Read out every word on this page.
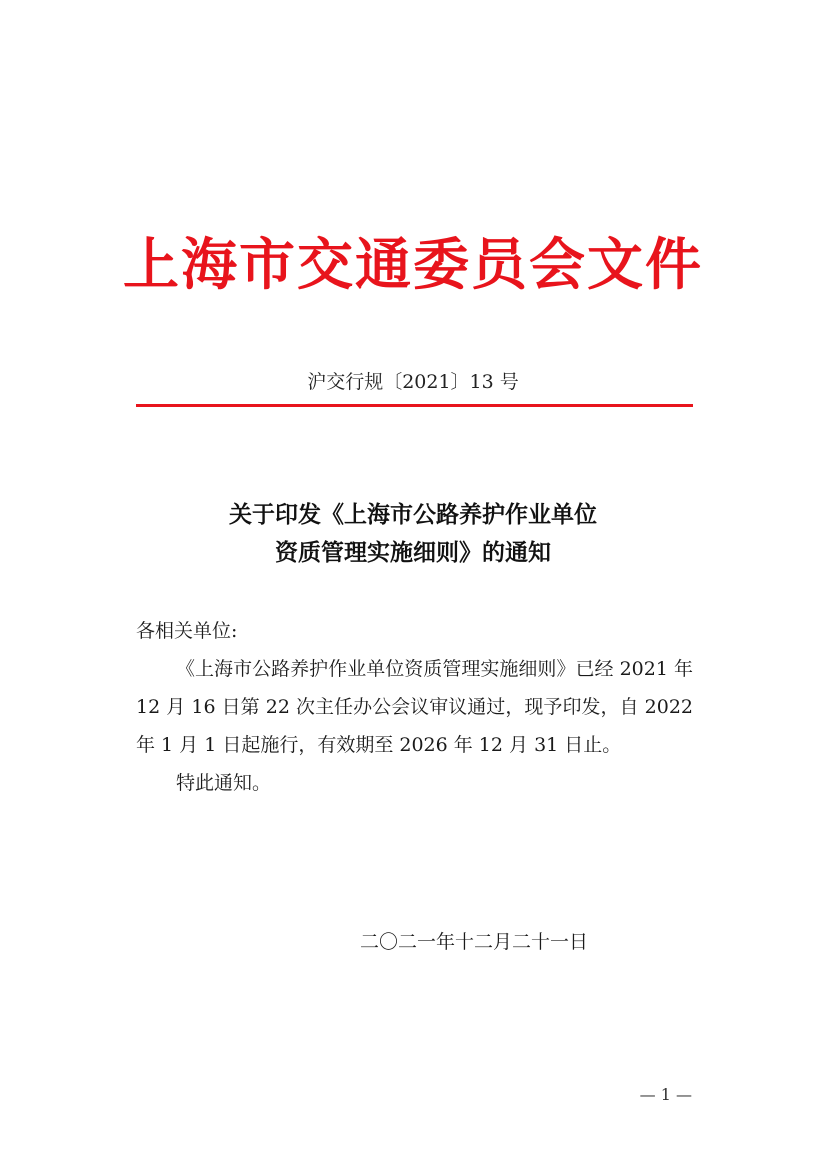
上海市交通委员会文件
沪交行规〔2021〕13 号
关于印发《上海市公路养护作业单位
资质管理实施细则》的通知
各相关单位:
《上海市公路养护作业单位资质管理实施细则》已经 2021 年 12 月 16 日第 22 次主任办公会议审议通过，现予印发，自 2022 年 1 月 1 日起施行，有效期至 2026 年 12 月 31 日止。
特此通知。
二〇二一年十二月二十一日
— 1 —
